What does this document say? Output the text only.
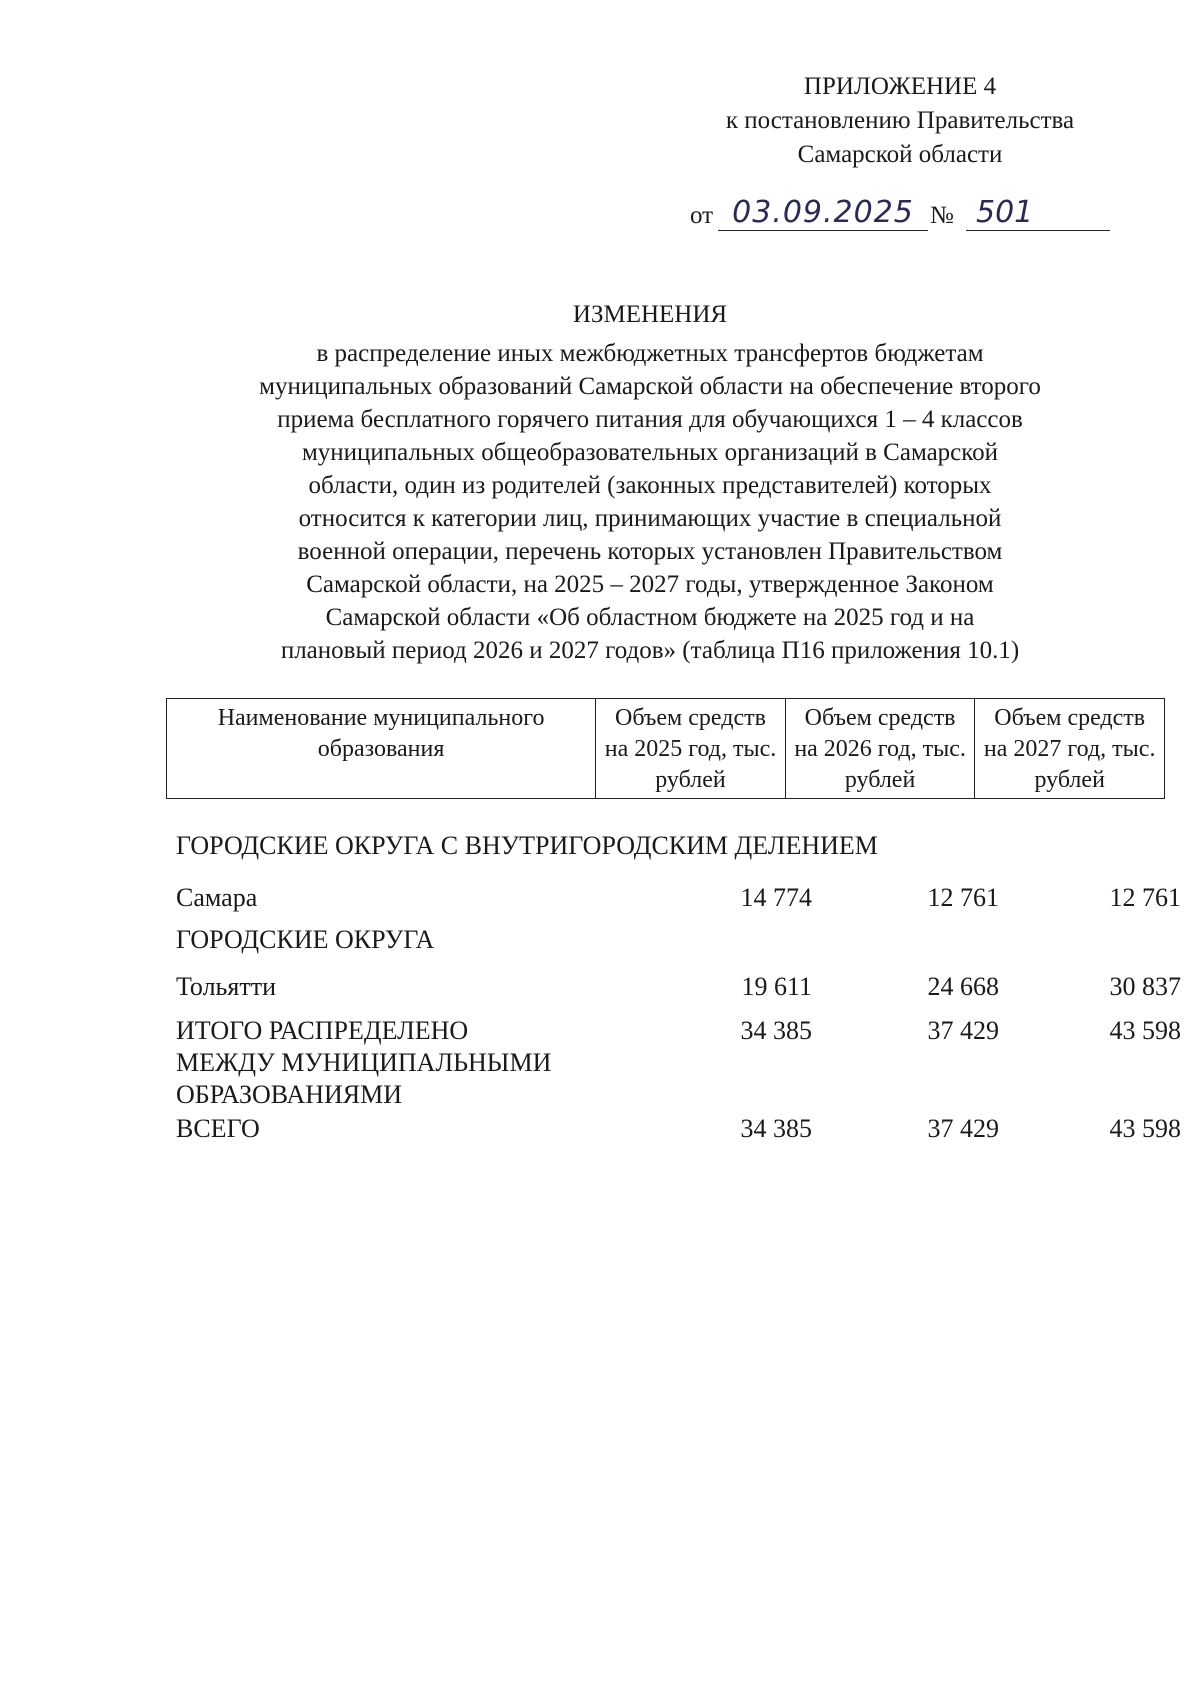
ПРИЛОЖЕНИЕ 4
к постановлению Правительства
Самарской области
от 03.09.2025 № 501
ИЗМЕНЕНИЯ
в распределение иных межбюджетных трансфертов бюджетам
муниципальных образований Самарской области на обеспечение второго
приема бесплатного горячего питания для обучающихся 1 – 4 классов
муниципальных общеобразовательных организаций в Самарской
области, один из родителей (законных представителей) которых
относится к категории лиц, принимающих участие в специальной
военной операции, перечень которых установлен Правительством
Самарской области, на 2025 – 2027 годы, утвержденное Законом
Самарской области «Об областном бюджете на 2025 год и на
плановый период 2026 и 2027 годов» (таблица П16 приложения 10.1)
Наименование муниципального образования	Объем средств на 2025 год, тыс. рублей	Объем средств на 2026 год, тыс. рублей	Объем средств на 2027 год, тыс. рублей
ГОРОДСКИЕ ОКРУГА С ВНУТРИГОРОДСКИМ ДЕЛЕНИЕМ
Самара	14 774	12 761	12 761
ГОРОДСКИЕ ОКРУГА
Тольятти	19 611	24 668	30 837
ИТОГО РАСПРЕДЕЛЕНО
МЕЖДУ МУНИЦИПАЛЬНЫМИ
ОБРАЗОВАНИЯМИ
34 385	37 429	43 598
ВСЕГО	34 385	37 429	43 598
